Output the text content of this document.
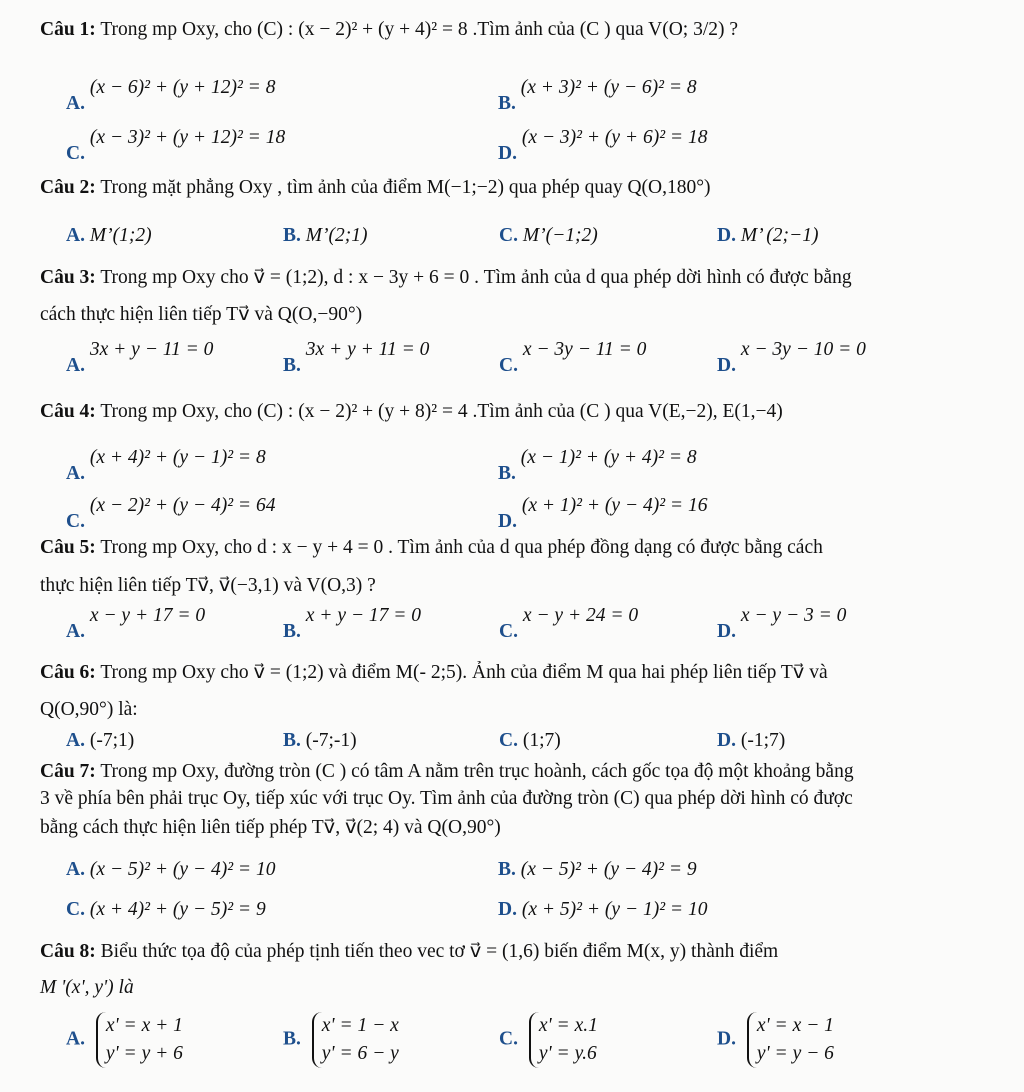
Câu 1: Trong mp Oxy, cho (C) : (x − 2)² + (y + 4)² = 8 .Tìm ảnh của (C ) qua V(O; 3/2) ?
A. (x − 6)² + (y + 12)² = 8
B. (x + 3)² + (y − 6)² = 8
C. (x − 3)² + (y + 12)² = 18
D. (x − 3)² + (y + 6)² = 18
Câu 2: Trong mặt phẳng Oxy , tìm ảnh của điểm M(−1;−2) qua phép quay Q(O,180°)
A. M’(1;2)	B. M’(2;1)	C. M’(−1;2)	D. M’ (2;−1)
Câu 3: Trong mp Oxy cho v⃗ = (1;2), d : x − 3y + 6 = 0 . Tìm ảnh của d qua phép dời hình có được bằng
cách thực hiện liên tiếp Tv⃗ và Q(O,−90°)
A. 3x + y − 11 = 0
B. 3x + y + 11 = 0
C. x − 3y − 11 = 0
D. x − 3y − 10 = 0
Câu 4: Trong mp Oxy, cho (C) : (x − 2)² + (y + 8)² = 4 .Tìm ảnh của (C ) qua V(E,−2), E(1,−4)
A. (x + 4)² + (y − 1)² = 8
B. (x − 1)² + (y + 4)² = 8
C. (x − 2)² + (y − 4)² = 64
D. (x + 1)² + (y − 4)² = 16
Câu 5: Trong mp Oxy, cho d : x − y + 4 = 0 . Tìm ảnh của d qua phép đồng dạng có được bằng cách
thực hiện liên tiếp Tv⃗, v⃗(−3,1) và V(O,3) ?
A. x − y + 17 = 0
B. x + y − 17 = 0
C. x − y + 24 = 0
D. x − y − 3 = 0
Câu 6: Trong mp Oxy cho v⃗ = (1;2) và điểm M(- 2;5). Ảnh của điểm M qua hai phép liên tiếp Tv⃗ và
Q(O,90°) là:
A. (-7;1)	B. (-7;-1)	C. (1;7)	D. (-1;7)
Câu 7: Trong mp Oxy, đường tròn (C ) có tâm A nằm trên trục hoành, cách gốc tọa độ một khoảng bằng
3 về phía bên phải trục Oy, tiếp xúc với trục Oy. Tìm ảnh của đường tròn (C) qua phép dời hình có được
bằng cách thực hiện liên tiếp phép Tv⃗, v⃗(2; 4) và Q(O,90°)
A. (x − 5)² + (y − 4)² = 10	B. (x − 5)² + (y − 4)² = 9
C. (x + 4)² + (y − 5)² = 9	D. (x + 5)² + (y − 1)² = 10
Câu 8: Biểu thức tọa độ của phép tịnh tiến theo vec tơ v⃗ = (1,6) biến điểm M(x, y) thành điểm
M '(x', y') là
A. x' = x + 1
y' = y + 6
B. x' = 1 − x
y' = 6 − y
C. x' = x.1
y' = y.6
D. x' = x − 1
y' = y − 6
